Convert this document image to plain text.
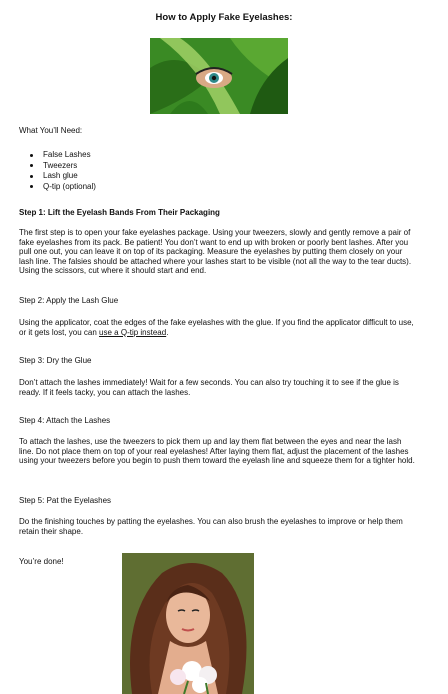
How to Apply Fake Eyelashes:
What You’ll Need:
False Lashes
Tweezers
Lash glue
Q-tip (optional)
Step 1: Lift the Eyelash Bands From Their Packaging

The first step is to open your fake eyelashes package. Using your tweezers, slowly and gently remove a pair of fake eyelashes from its pack. Be patient! You don’t want to end up with broken or poorly bent lashes. After you pull one out, you can leave it on top of its packaging. Measure the eyelashes by putting them closely on your lash line. The falsies should be attached where your lashes start to be visible (not all the way to the tear ducts). Using the scissors, cut where it should start and end.

Step 2: Apply the Lash Glue

Using the applicator, coat the edges of the fake eyelashes with the glue. If you find the applicator difficult to use, or it gets lost, you can use a Q-tip instead.

Step 3: Dry the Glue

Don’t attach the lashes immediately! Wait for a few seconds. You can also try touching it to see if the glue is ready. If it feels tacky, you can attach the lashes.

Step 4: Attach the Lashes

To attach the lashes, use the tweezers to pick them up and lay them flat between the eyes and near the lash line. Do not place them on top of your real eyelashes! After laying them flat, adjust the placement of the lashes using your tweezers before you begin to push them toward the eyelash line and squeeze them for a tighter hold.

Step 5: Pat the Eyelashes

Do the finishing touches by patting the eyelashes. You can also brush the eyelashes to improve or help them retain their shape.

You’re done!
